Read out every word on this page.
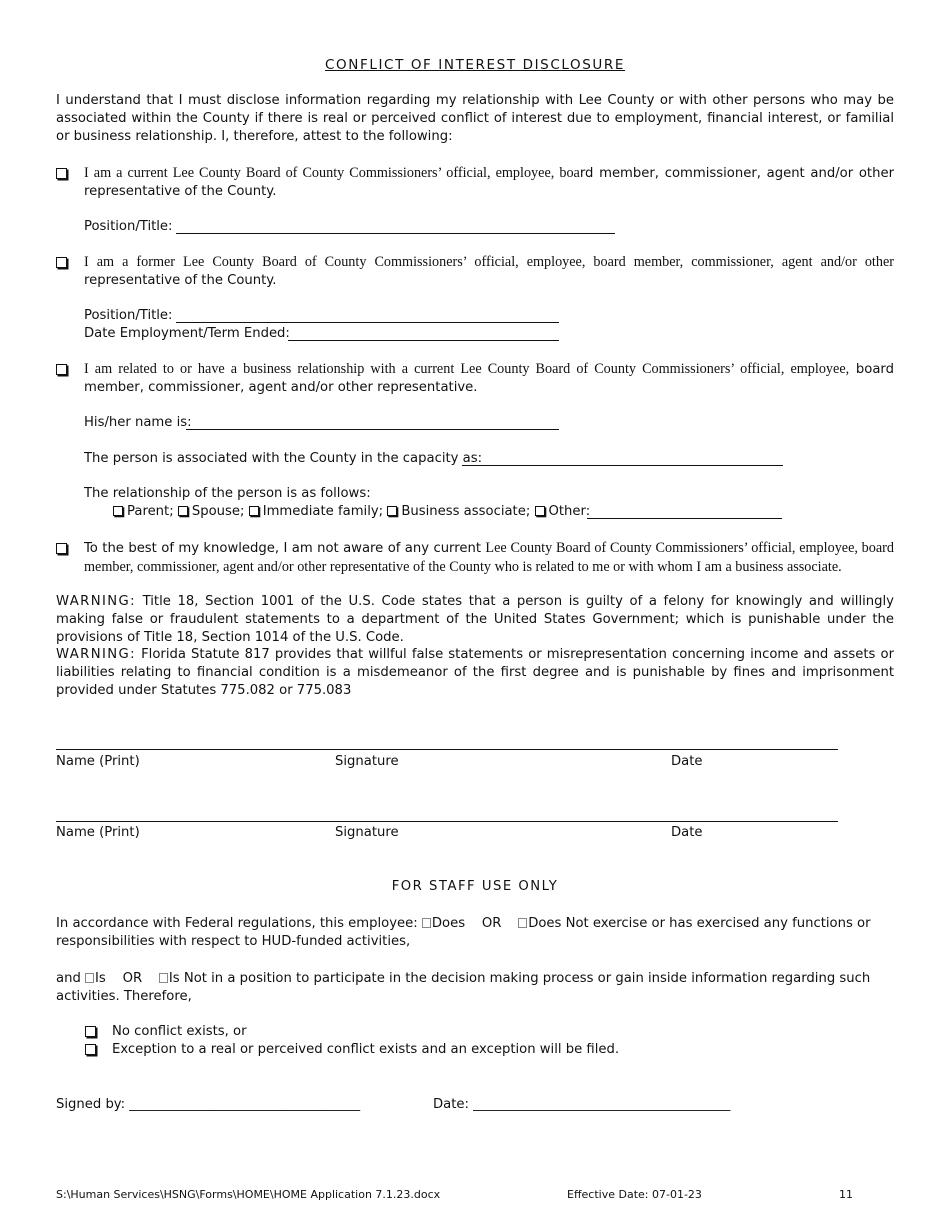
CONFLICT OF INTEREST DISCLOSURE
I understand that I must disclose information regarding my relationship with Lee County or with other persons who may be associated within the County if there is real or perceived conflict of interest due to employment, financial interest, or familial or business relationship. I, therefore, attest to the following:
I am a current Lee County Board of County Commissioners’ official, employee, board member, commissioner, agent and/or other representative of the County.
Position/Title:
I am a former Lee County Board of County Commissioners’ official, employee, board member, commissioner, agent and/or other representative of the County.
Position/Title:
Date Employment/Term Ended:
I am related to or have a business relationship with a current Lee County Board of County Commissioners’ official, employee, board member, commissioner, agent and/or other representative.
His/her name is:
The person is associated with the County in the capacity as:
The relationship of the person is as follows:
Parent; Spouse; Immediate family; Business associate; Other:
To the best of my knowledge, I am not aware of any current Lee County Board of County Commissioners’ official, employee, board member, commissioner, agent and/or other representative of the County who is related to me or with whom I am a business associate.
WARNING: Title 18, Section 1001 of the U.S. Code states that a person is guilty of a felony for knowingly and willingly making false or fraudulent statements to a department of the United States Government; which is punishable under the provisions of Title 18, Section 1014 of the U.S. Code.
WARNING: Florida Statute 817 provides that willful false statements or misrepresentation concerning income and assets or liabilities relating to financial condition is a misdemeanor of the first degree and is punishable by fines and imprisonment provided under Statutes 775.082 or 775.083
Name (Print)	Signature	Date
Name (Print)	Signature	Date
FOR STAFF USE ONLY
In accordance with Federal regulations, this employee: Does OR Does Not exercise or has exercised any functions or responsibilities with respect to HUD-funded activities,
and Is OR Is Not in a position to participate in the decision making process or gain inside information regarding such activities. Therefore,
No conflict exists, or
Exception to a real or perceived conflict exists and an exception will be filed.
Signed by: ___________________________________	Date: _______________________________________
S:\Human Services\HSNG\Forms\HOME\HOME Application 7.1.23.docx	Effective Date: 07-01-23	11
